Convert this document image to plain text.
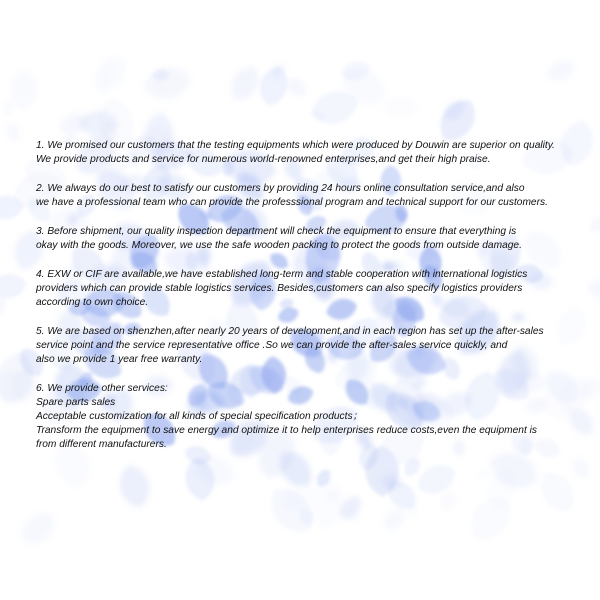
1. We promised our customers that the testing equipments which were produced by Douwin are superior on quality.
We provide products and service for numerous world-renowned enterprises,and get their high praise.
2. We always do our best to satisfy our customers by providing 24 hours online consultation service,and also
we have a professional team who can provide the professsional program and technical support for our customers.
3. Before shipment, our quality inspection department will check the equipment to ensure that everything is
okay with the goods. Moreover, we use the safe wooden packing to protect the goods from outside damage.
4. EXW or CIF are available,we have established long-term and stable cooperation with international logistics
providers which can provide stable logistics services. Besides,customers can also specify logistics providers
according to own choice.
5. We are based on shenzhen,after nearly 20 years of development,and in each region has set up the after-sales
service point and the service representative office .So we can provide the after-sales service quickly, and
also we provide 1 year free warranty.
6. We provide other services:
Spare parts sales
Acceptable customization for all kinds of special specification products；
Transform the equipment to save energy and optimize it to help enterprises reduce costs,even the equipment is
from different manufacturers.
